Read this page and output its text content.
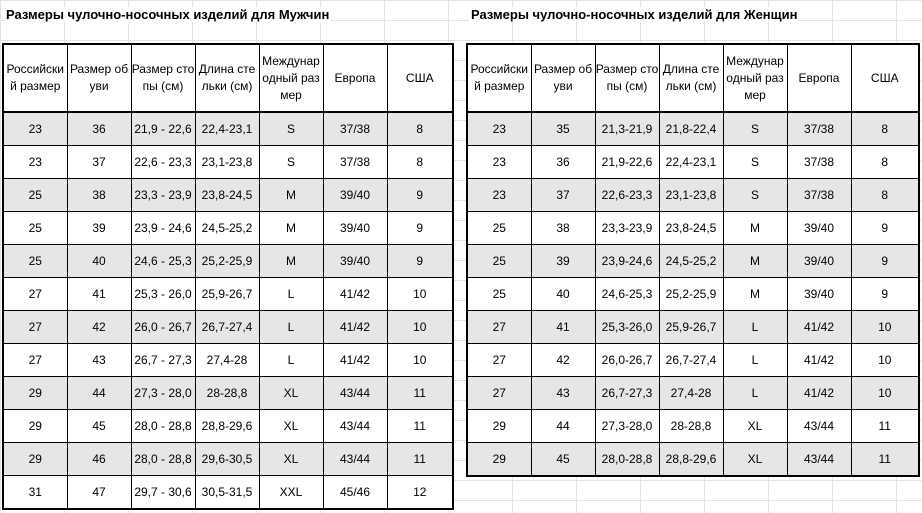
Размеры чулочно-носочных изделий для Мужчин
Российский размер	Размер обуви	Размер стопы (см)	Длина стельки (см)	Международный размер	Европа	США
23	36	21,9 - 22,6	22,4-23,1	S	37/38	8
23	37	22,6 - 23,3	23,1-23,8	S	37/38	8
25	38	23,3 - 23,9	23,8-24,5	M	39/40	9
25	39	23,9 - 24,6	24,5-25,2	M	39/40	9
25	40	24,6 - 25,3	25,2-25,9	M	39/40	9
27	41	25,3 - 26,0	25,9-26,7	L	41/42	10
27	42	26,0 - 26,7	26,7-27,4	L	41/42	10
27	43	26,7 - 27,3	27,4-28	L	41/42	10
29	44	27,3 - 28,0	28-28,8	XL	43/44	11
29	45	28,0 - 28,8	28,8-29,6	XL	43/44	11
29	46	28,0 - 28,8	29,6-30,5	XL	43/44	11
31	47	29,7 - 30,6	30,5-31,5	XXL	45/46	12
Размеры чулочно-носочных изделий для Женщин
Российский размер	Размер обуви	Размер стопы (см)	Длина стельки (см)	Международный размер	Европа	США
23	35	21,3-21,9	21,8-22,4	S	37/38	8
23	36	21,9-22,6	22,4-23,1	S	37/38	8
23	37	22,6-23,3	23,1-23,8	S	37/38	8
25	38	23,3-23,9	23,8-24,5	M	39/40	9
25	39	23,9-24,6	24,5-25,2	M	39/40	9
25	40	24,6-25,3	25,2-25,9	M	39/40	9
27	41	25,3-26,0	25,9-26,7	L	41/42	10
27	42	26,0-26,7	26,7-27,4	L	41/42	10
27	43	26,7-27,3	27,4-28	L	41/42	10
29	44	27,3-28,0	28-28,8	XL	43/44	11
29	45	28,0-28,8	28,8-29,6	XL	43/44	11
